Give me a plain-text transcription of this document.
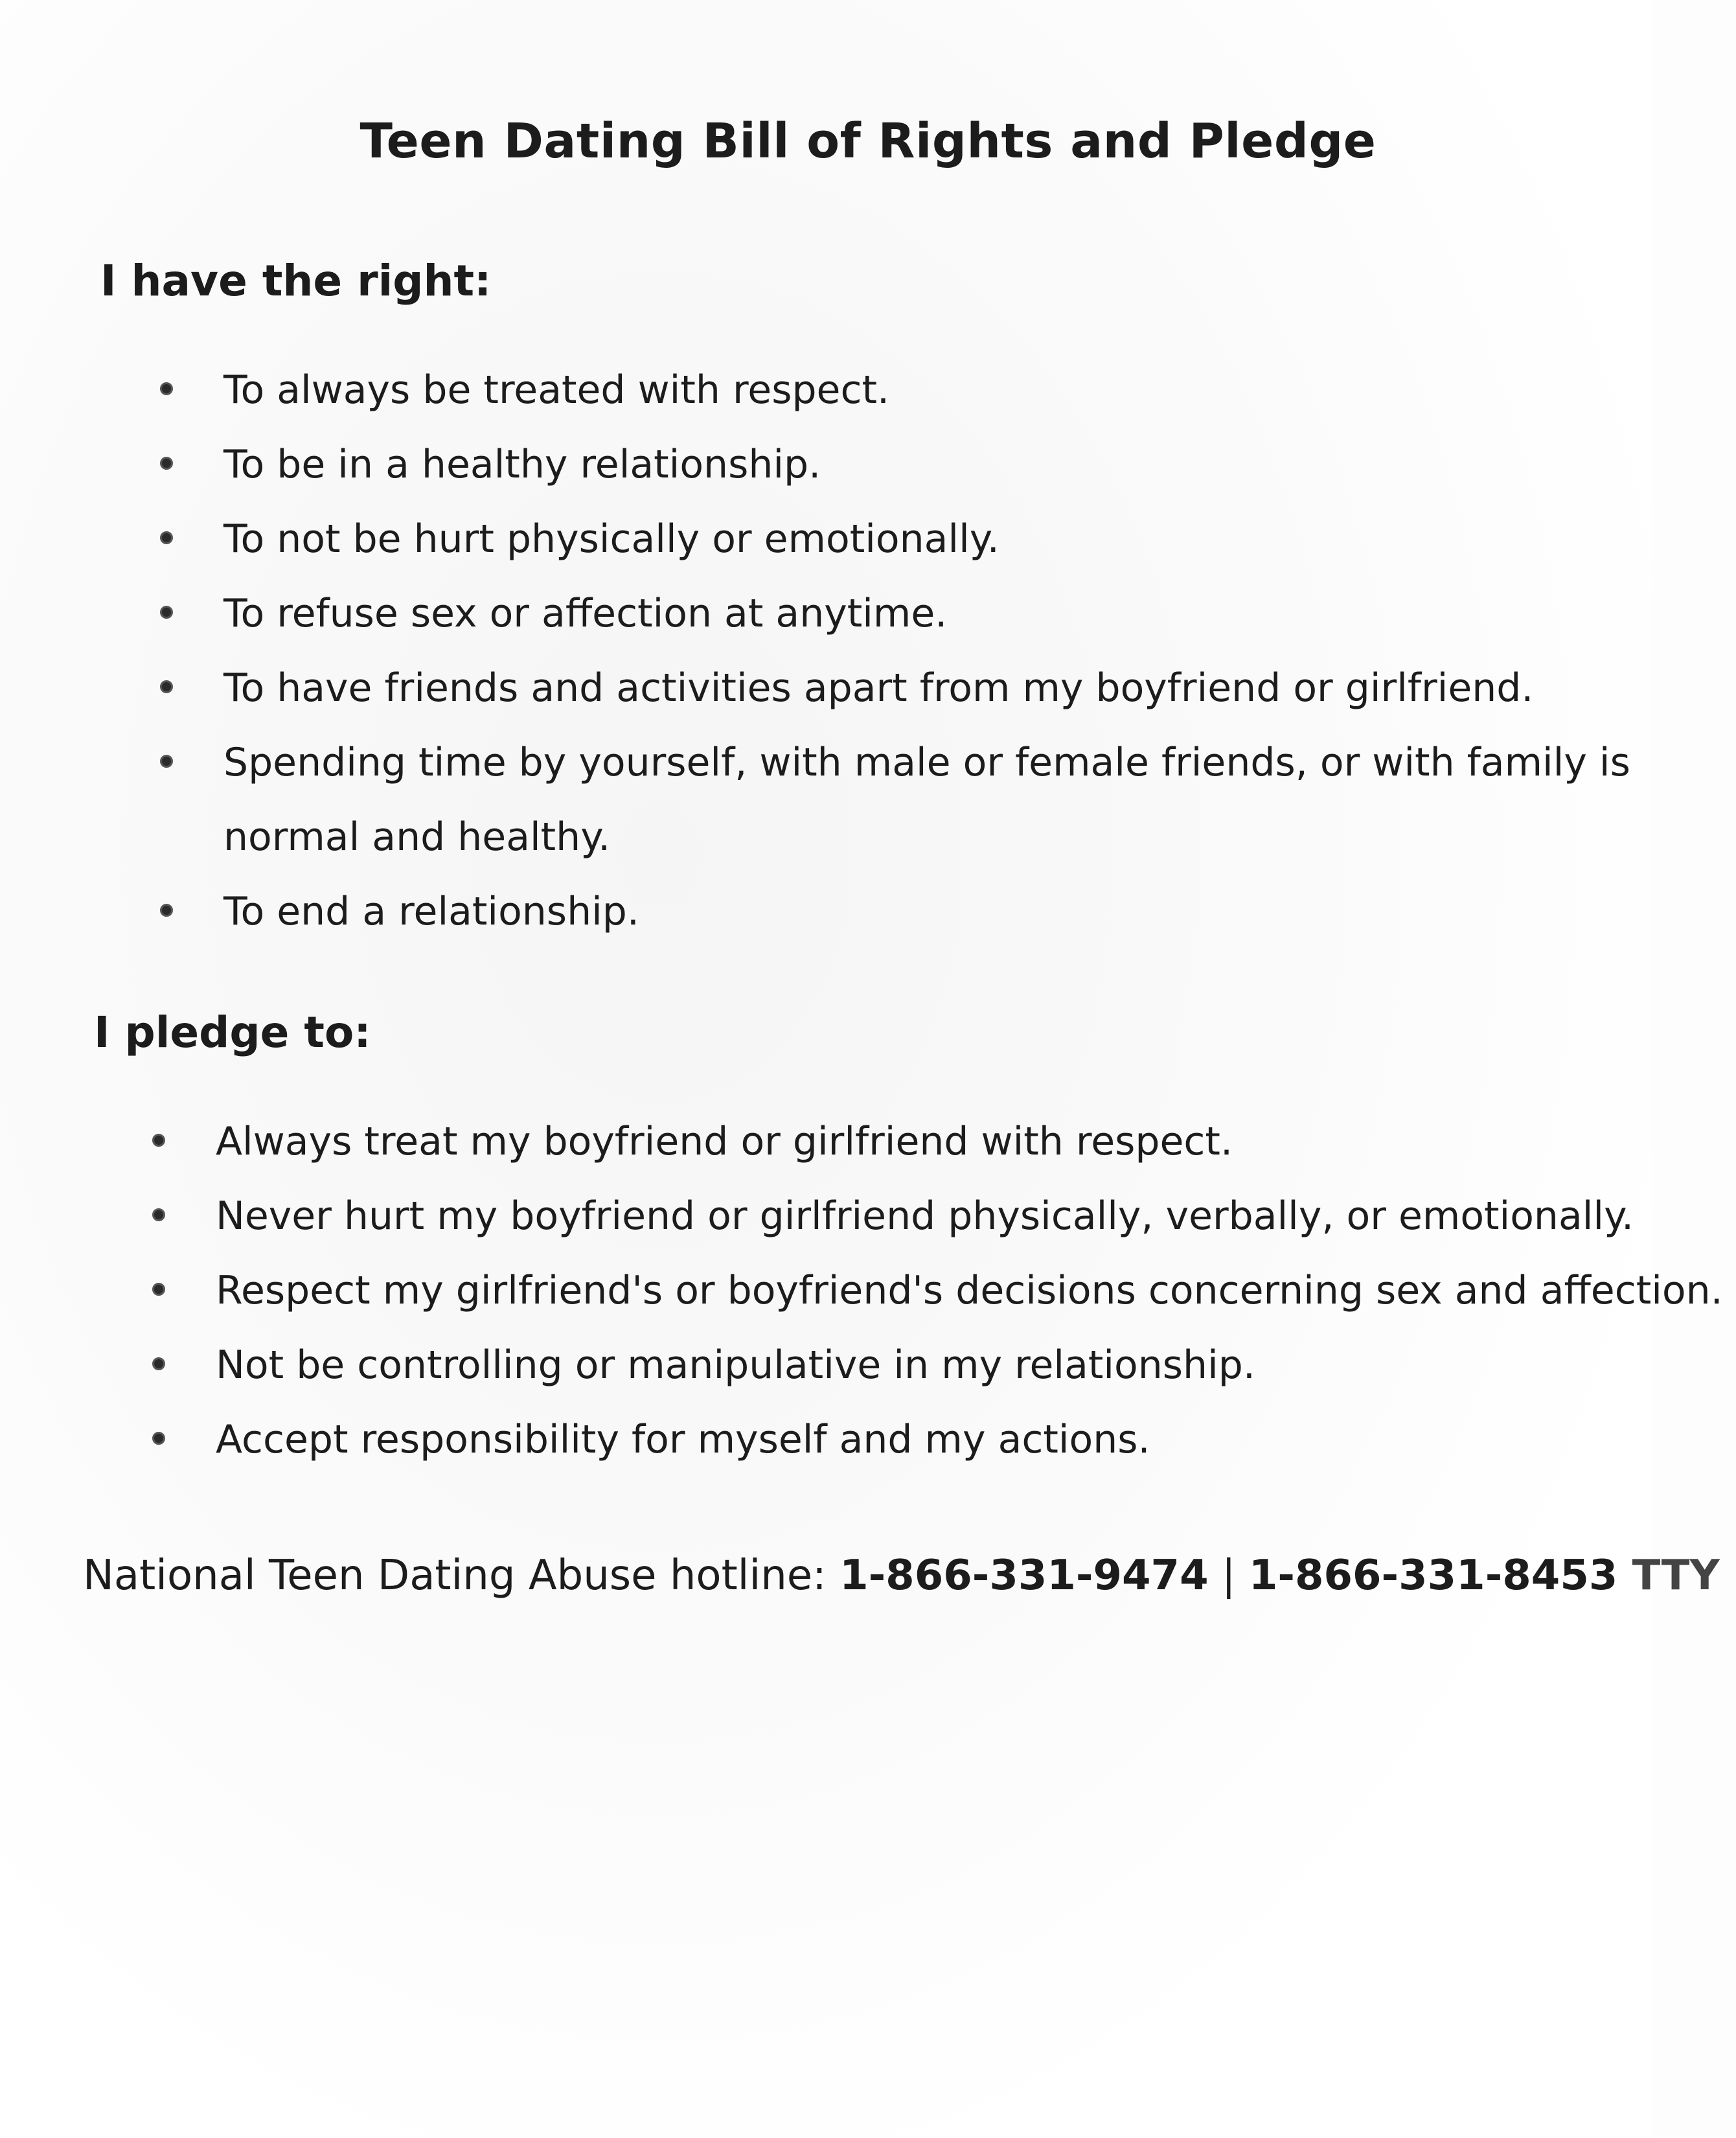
Teen Dating Bill of Rights and Pledge
I have the right:
To always be treated with respect.
To be in a healthy relationship.
To not be hurt physically or emotionally.
To refuse sex or affection at anytime.
To have friends and activities apart from my boyfriend or girlfriend.
Spending time by yourself, with male or female friends, or with family is normal and healthy.
To end a relationship.
I pledge to:
Always treat my boyfriend or girlfriend with respect.
Never hurt my boyfriend or girlfriend physically, verbally, or emotionally.
Respect my girlfriend's or boyfriend's decisions concerning sex and affection.
Not be controlling or manipulative in my relationship.
Accept responsibility for myself and my actions.
National Teen Dating Abuse hotline: 1-866-331-9474 | 1-866-331-8453 TTY
